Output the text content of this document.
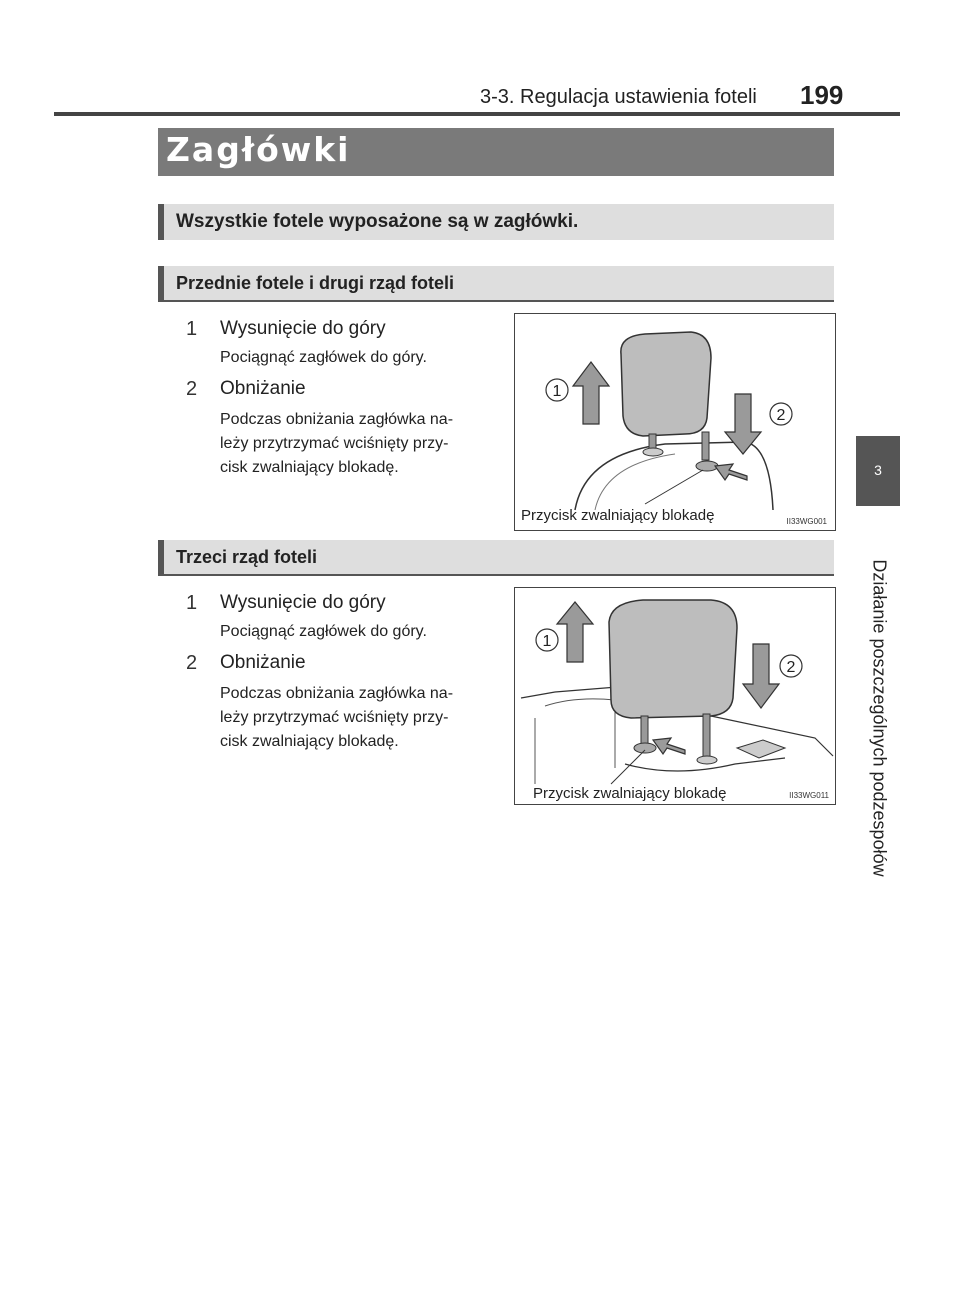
3-3. Regulacja ustawienia foteli 199
3
Działanie poszczególnych podzespołów
Zagłówki
Wszystkie fotele wyposażone są w zagłówki.
Przednie fotele i drugi rząd foteli
1	Wysunięcie do góry
Pociągnąć zagłówek do góry.
2	Obniżanie
Podczas obniżania zagłówka na-
leży przytrzymać wciśnięty przy-
cisk zwalniający blokadę.
1
2
Przycisk zwalniający blokadę	II33WG001
Trzeci rząd foteli
1	Wysunięcie do góry
Pociągnąć zagłówek do góry.
2	Obniżanie
Podczas obniżania zagłówka na-
leży przytrzymać wciśnięty przy-
cisk zwalniający blokadę.
1
2
Przycisk zwalniający blokadę	II33WG011
